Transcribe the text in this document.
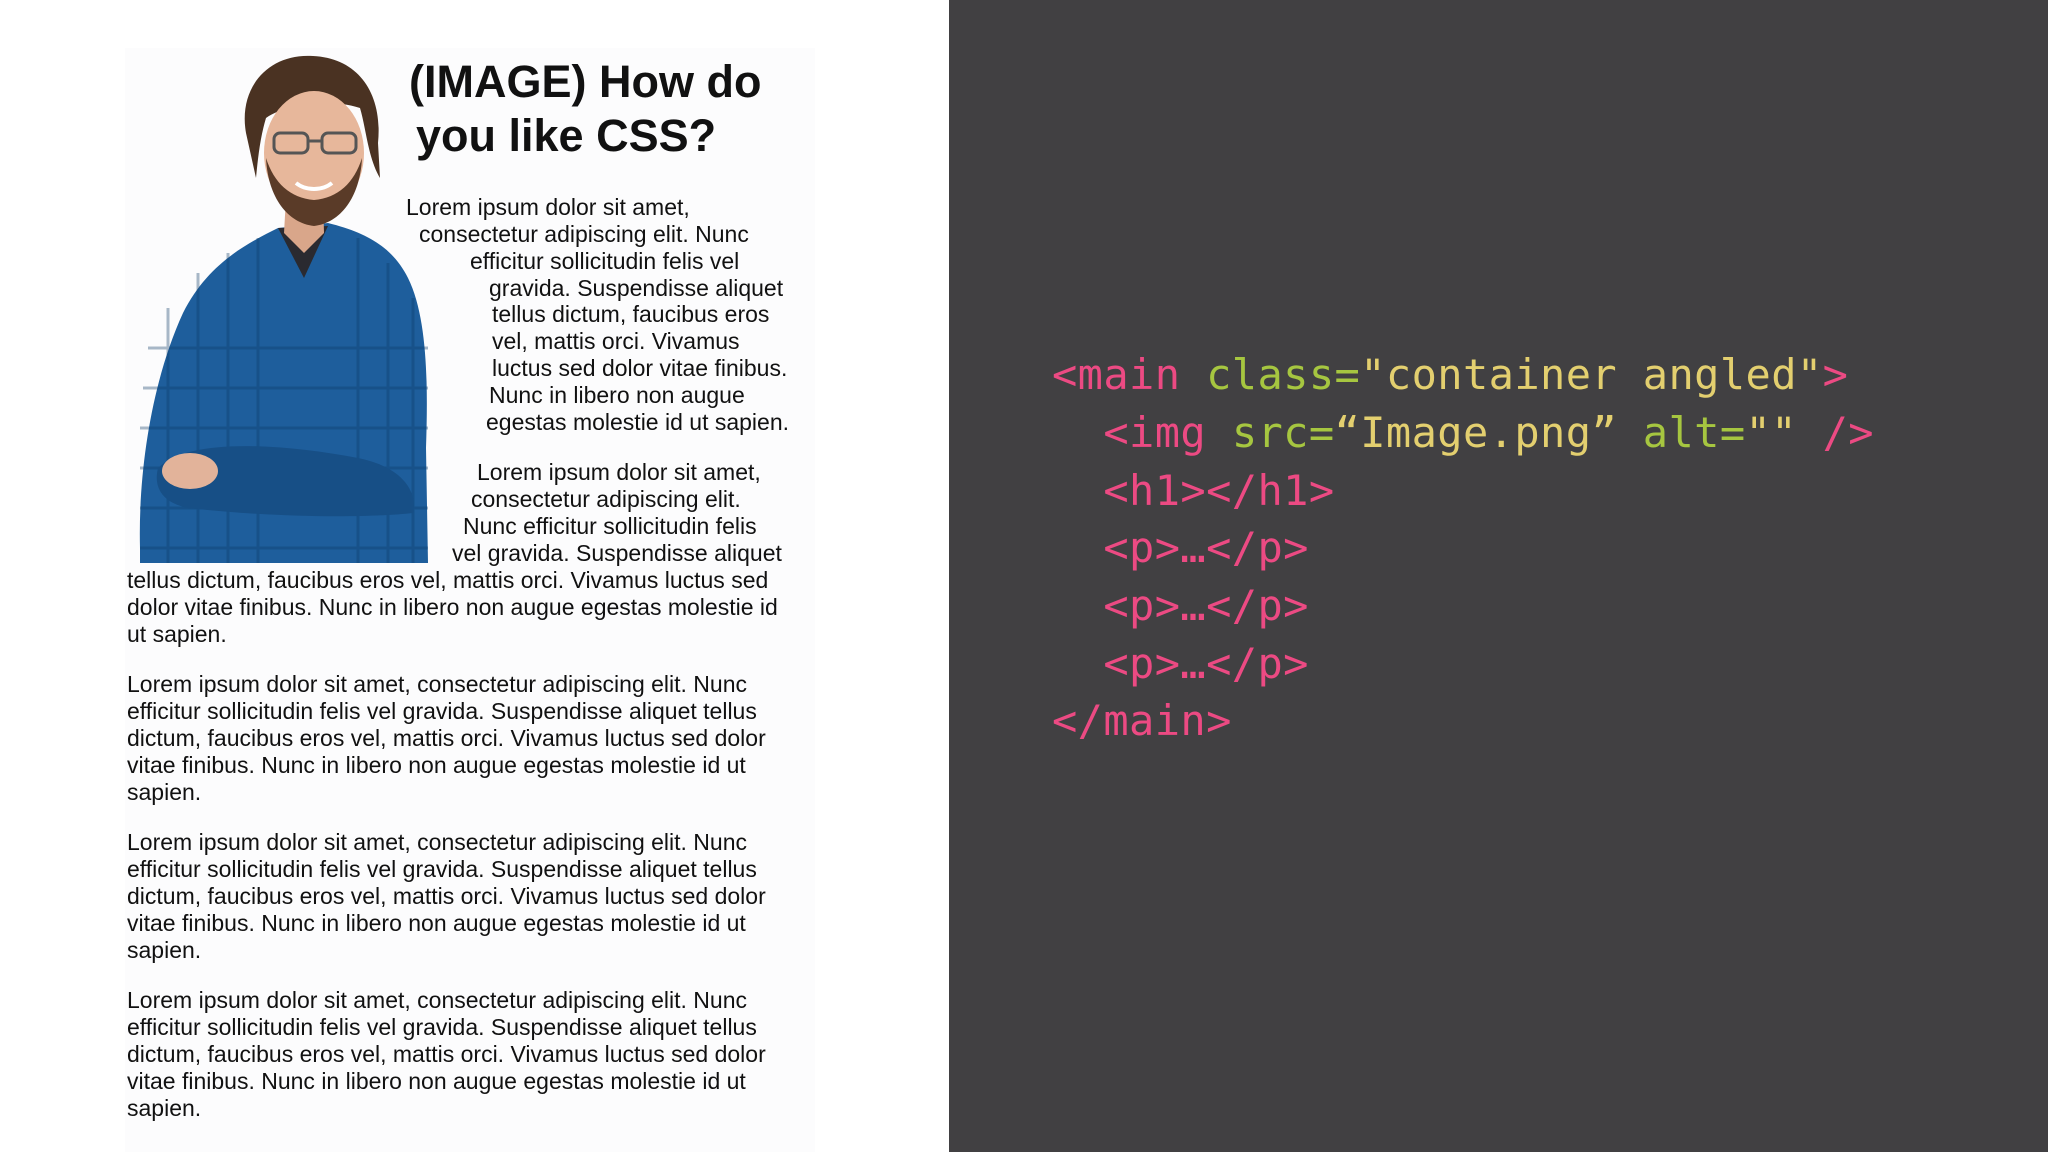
(IMAGE) How do
you like CSS?

Lorem ipsum dolor sit amet,

consectetur adipiscing elit. Nunc

efficitur sollicitudin felis vel

gravida. Suspendisse aliquet

tellus dictum, faucibus eros

vel, mattis orci. Vivamus

luctus sed dolor vitae finibus.

Nunc in libero non augue

egestas molestie id ut sapien.

Lorem ipsum dolor sit amet,

consectetur adipiscing elit.

Nunc efficitur sollicitudin felis

vel gravida. Suspendisse aliquet

tellus dictum, faucibus eros vel, mattis orci. Vivamus luctus sed

dolor vitae finibus. Nunc in libero non augue egestas molestie id

ut sapien.

Lorem ipsum dolor sit amet, consectetur adipiscing elit. Nunc

efficitur sollicitudin felis vel gravida. Suspendisse aliquet tellus

dictum, faucibus eros vel, mattis orci. Vivamus luctus sed dolor

vitae finibus. Nunc in libero non augue egestas molestie id ut

sapien.

Lorem ipsum dolor sit amet, consectetur adipiscing elit. Nunc

efficitur sollicitudin felis vel gravida. Suspendisse aliquet tellus

dictum, faucibus eros vel, mattis orci. Vivamus luctus sed dolor

vitae finibus. Nunc in libero non augue egestas molestie id ut

sapien.

Lorem ipsum dolor sit amet, consectetur adipiscing elit. Nunc

efficitur sollicitudin felis vel gravida. Suspendisse aliquet tellus

dictum, faucibus eros vel, mattis orci. Vivamus luctus sed dolor

vitae finibus. Nunc in libero non augue egestas molestie id ut

sapien.

<main class="container angled">
<img src=“Image.png” alt="" />
<h1></h1>
<p>…</p>
<p>…</p>
<p>…</p>
</main>
